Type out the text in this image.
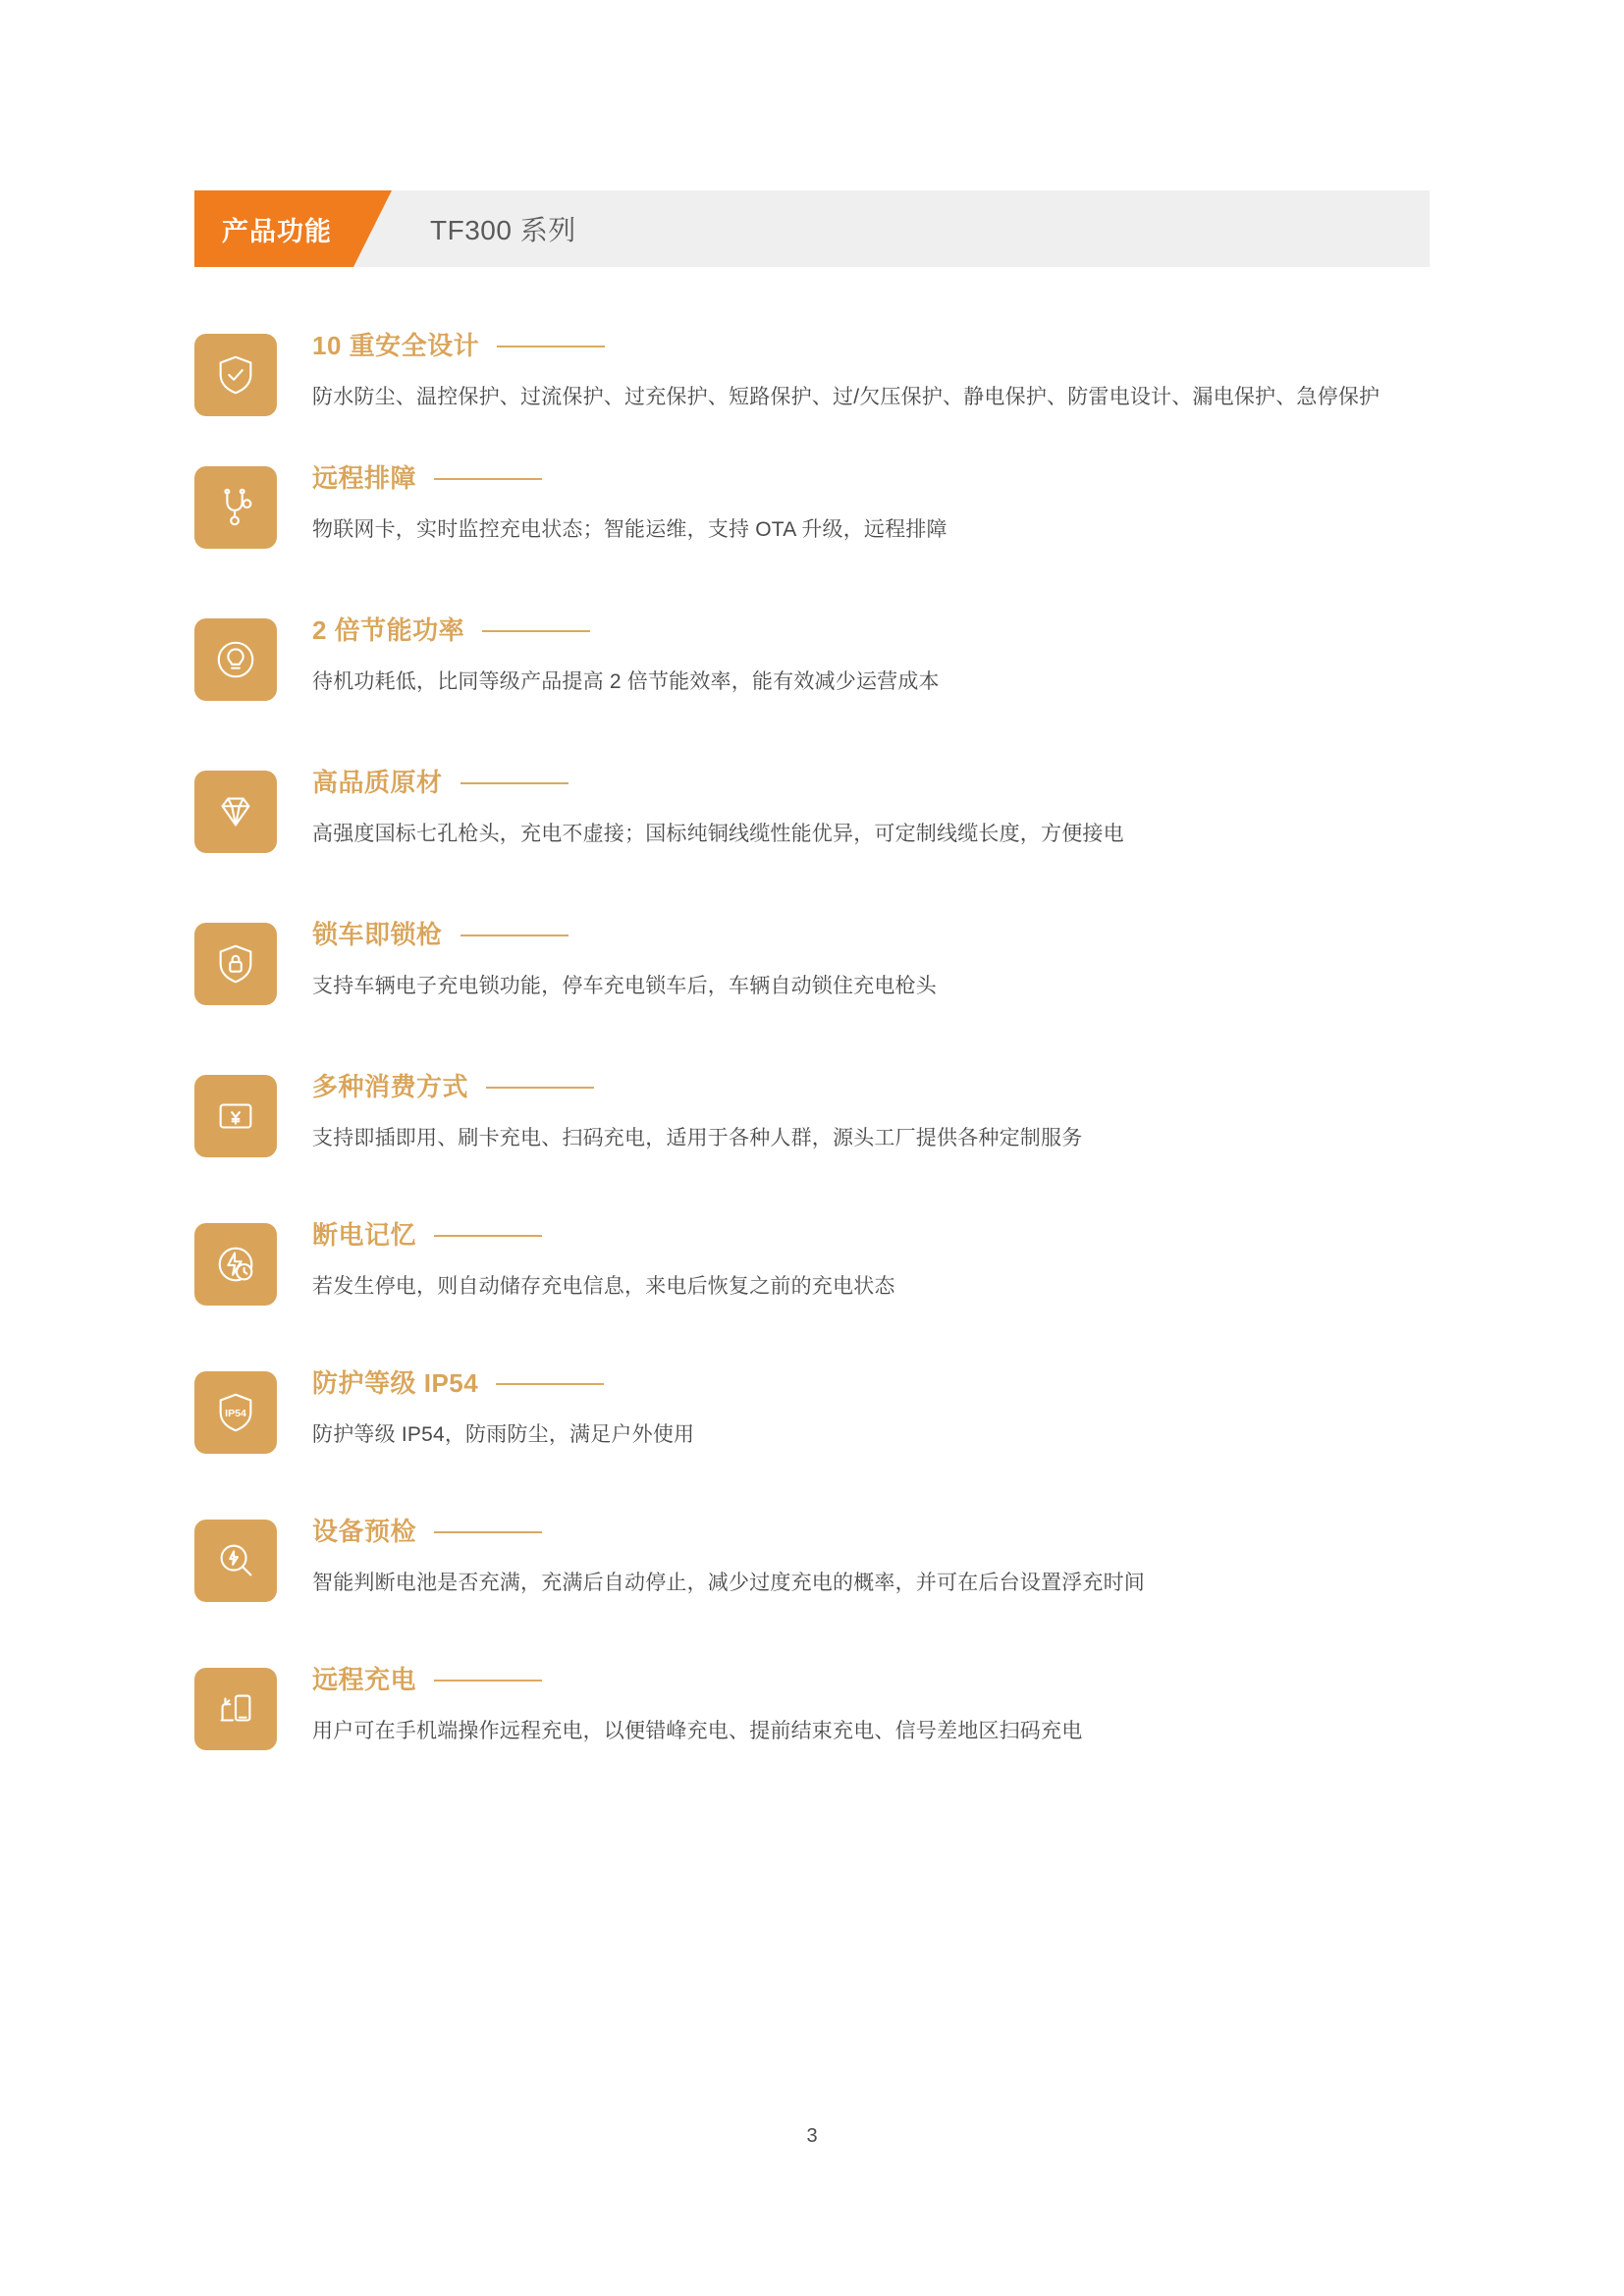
产品功能	TF300 系列
10 重安全设计
防水防尘、温控保护、过流保护、过充保护、短路保护、过/欠压保护、静电保护、防雷电设计、漏电保护、急停保护
远程排障
物联网卡，实时监控充电状态；智能运维，支持 OTA 升级，远程排障
2 倍节能功率
待机功耗低，比同等级产品提高 2 倍节能效率，能有效减少运营成本
高品质原材
高强度国标七孔枪头，充电不虚接；国标纯铜线缆性能优异，可定制线缆长度，方便接电
锁车即锁枪
支持车辆电子充电锁功能，停车充电锁车后，车辆自动锁住充电枪头
多种消费方式
支持即插即用、刷卡充电、扫码充电，适用于各种人群，源头工厂提供各种定制服务
断电记忆
若发生停电，则自动储存充电信息，来电后恢复之前的充电状态
IP54
防护等级 IP54
防护等级 IP54，防雨防尘，满足户外使用
设备预检
智能判断电池是否充满，充满后自动停止，减少过度充电的概率，并可在后台设置浮充时间
远程充电
用户可在手机端操作远程充电，以便错峰充电、提前结束充电、信号差地区扫码充电
3
